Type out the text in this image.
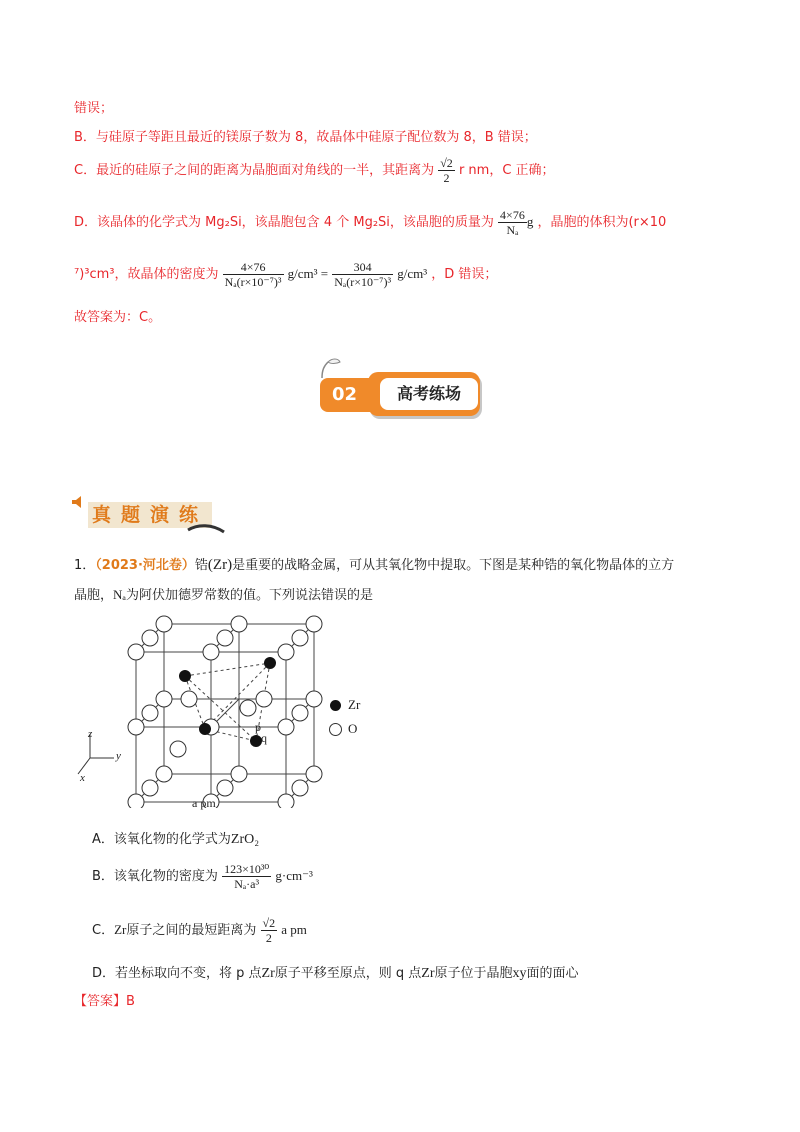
错误；
B．与硅原子等距且最近的镁原子数为 8，故晶体中硅原子配位数为 8，B 错误；
C．最近的硅原子之间的距离为晶胞面对角线的一半，其距离为 $\frac{√2}{2}$ r nm，C 正确；
D．该晶体的化学式为 Mg₂Si，该晶胞包含 4 个 Mg₂Si，该晶胞的质量为 $\frac{4\times 76}{\text{Nₐ}}$ g ，晶胞的体积为(r×10
⁷)³cm³，故晶体的密度为 $\frac{4\times 76}{\text{Nₐ(r×10⁻⁷)³}} g/cm^3 = \frac{304}{\text{Nₐ(r×10⁻⁷)³}} g/cm^3$ ，D 错误；
故答案为：C。
02	高考练场
真题演练
1．（2023·河北卷）锆(Zr)是重要的战略金属，可从其氧化物中提取。下图是某种锆的氧化物晶体的立方
晶胞，Nₐ为阿伏加德罗常数的值。下列说法错误的是
p
q
z
y
x
a pm
Zr
O
A．该氧化物的化学式为ZrO₂
B．该氧化物的密度为 $\frac{\text{123×10³⁰}}{\text{Nₐ·a³}} g\cdot cm^{-3}$
C．Zr原子之间的最短距离为 $\frac{√2}{2}$ a pm
D．若坐标取向不变，将 p 点Zr原子平移至原点，则 q 点Zr原子位于晶胞xy面的面心
【答案】B
